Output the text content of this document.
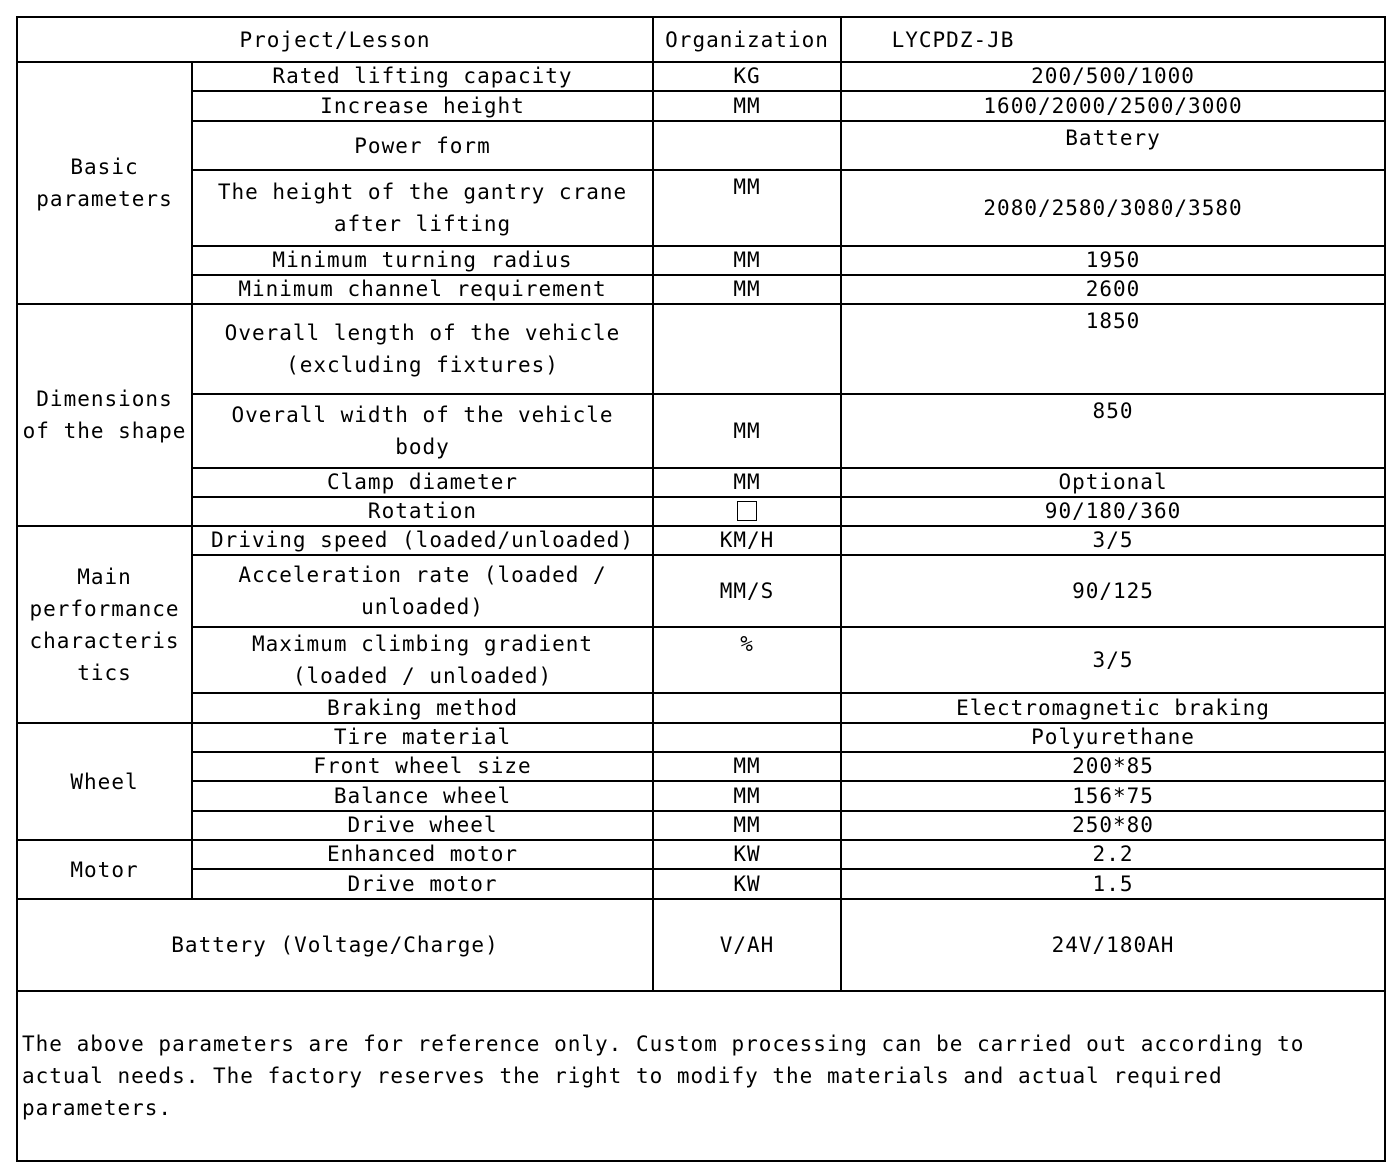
Project/Lesson		Organization	LYCPDZ-JB
Basic parameters	Rated lifting capacity	KG	200/500/1000
	Increase height	MM	1600/2000/2500/3000
	Power form		Battery
	The height of the gantry crane after lifting	MM	2080/2580/3080/3580
	Minimum turning radius	MM	1950
	Minimum channel requirement	MM	2600
Dimensions of the shape	Overall length of the vehicle (excluding fixtures)		1850
	Overall width of the vehicle body	MM	850
	Clamp diameter	MM	Optional
	Rotation		90/180/360
Main performance characteris tics	Driving speed (loaded/unloaded)	KM/H	3/5
	Acceleration rate (loaded / unloaded)	MM/S	90/125
	Maximum climbing gradient (loaded / unloaded)	%	3/5
	Braking method		Electromagnetic braking
Wheel	Tire material		Polyurethane
	Front wheel size	MM	200*85
	Balance wheel	MM	156*75
	Drive wheel	MM	250*80
Motor	Enhanced motor	KW	2.2
	Drive motor	KW	1.5
Battery (Voltage/Charge)		V/AH	24V/180AH
The above parameters are for reference only. Custom processing can be carried out according to actual needs. The factory reserves the right to modify the materials and actual required parameters.			
